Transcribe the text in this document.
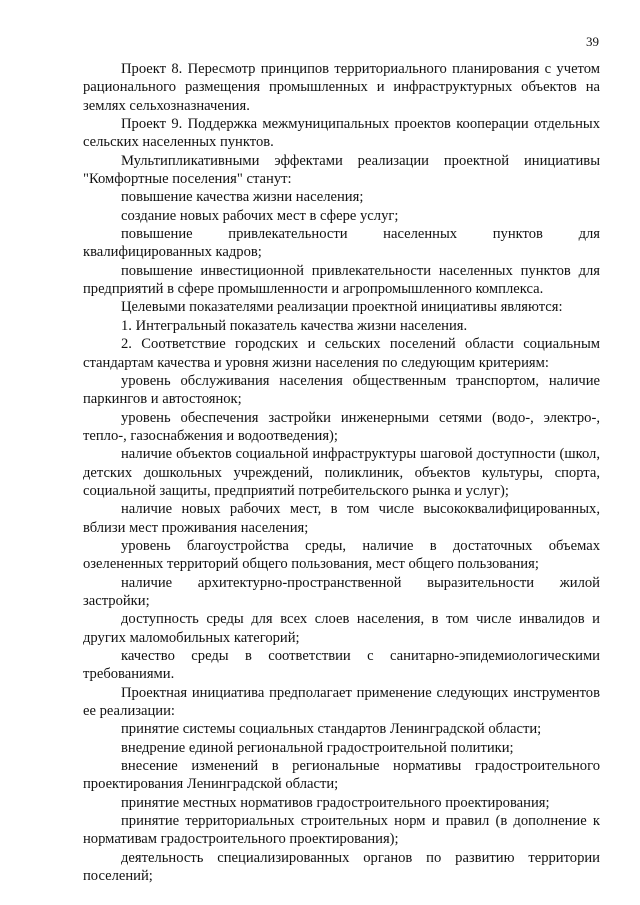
39

Проект 8. Пересмотр принципов территориального планирования с учетом рационального размещения промышленных и инфраструктурных объектов на землях сельхозназначения.

Проект 9. Поддержка межмуниципальных проектов кооперации отдельных сельских населенных пунктов.

Мультипликативными эффектами реализации проектной инициативы "Комфортные поселения" станут:

повышение качества жизни населения;

создание новых рабочих мест в сфере услуг;

повышение привлекательности населенных пунктов для квалифицированных кадров;

повышение инвестиционной привлекательности населенных пунктов для предприятий в сфере промышленности и агропромышленного комплекса.

Целевыми показателями реализации проектной инициативы являются:

1. Интегральный показатель качества жизни населения.

2. Соответствие городских и сельских поселений области социальным стандартам качества и уровня жизни населения по следующим критериям:

уровень обслуживания населения общественным транспортом, наличие паркингов и автостоянок;

уровень обеспечения застройки инженерными сетями (водо-, электро-, тепло-, газоснабжения и водоотведения);

наличие объектов социальной инфраструктуры шаговой доступности (школ, детских дошкольных учреждений, поликлиник, объектов культуры, спорта, социальной защиты, предприятий потребительского рынка и услуг);

наличие новых рабочих мест, в том числе высококвалифицированных, вблизи мест проживания населения;

уровень благоустройства среды, наличие в достаточных объемах озелененных территорий общего пользования, мест общего пользования;

наличие архитектурно-пространственной выразительности жилой застройки;

доступность среды для всех слоев населения, в том числе инвалидов и других маломобильных категорий;

качество среды в соответствии с санитарно-эпидемиологическими требованиями.

Проектная инициатива предполагает применение следующих инструментов ее реализации:

принятие системы социальных стандартов Ленинградской области;

внедрение единой региональной градостроительной политики;

внесение изменений в региональные нормативы градостроительного проектирования Ленинградской области;

принятие местных нормативов градостроительного проектирования;

принятие территориальных строительных норм и правил (в дополнение к нормативам градостроительного проектирования);

деятельность специализированных органов по развитию территории поселений;
